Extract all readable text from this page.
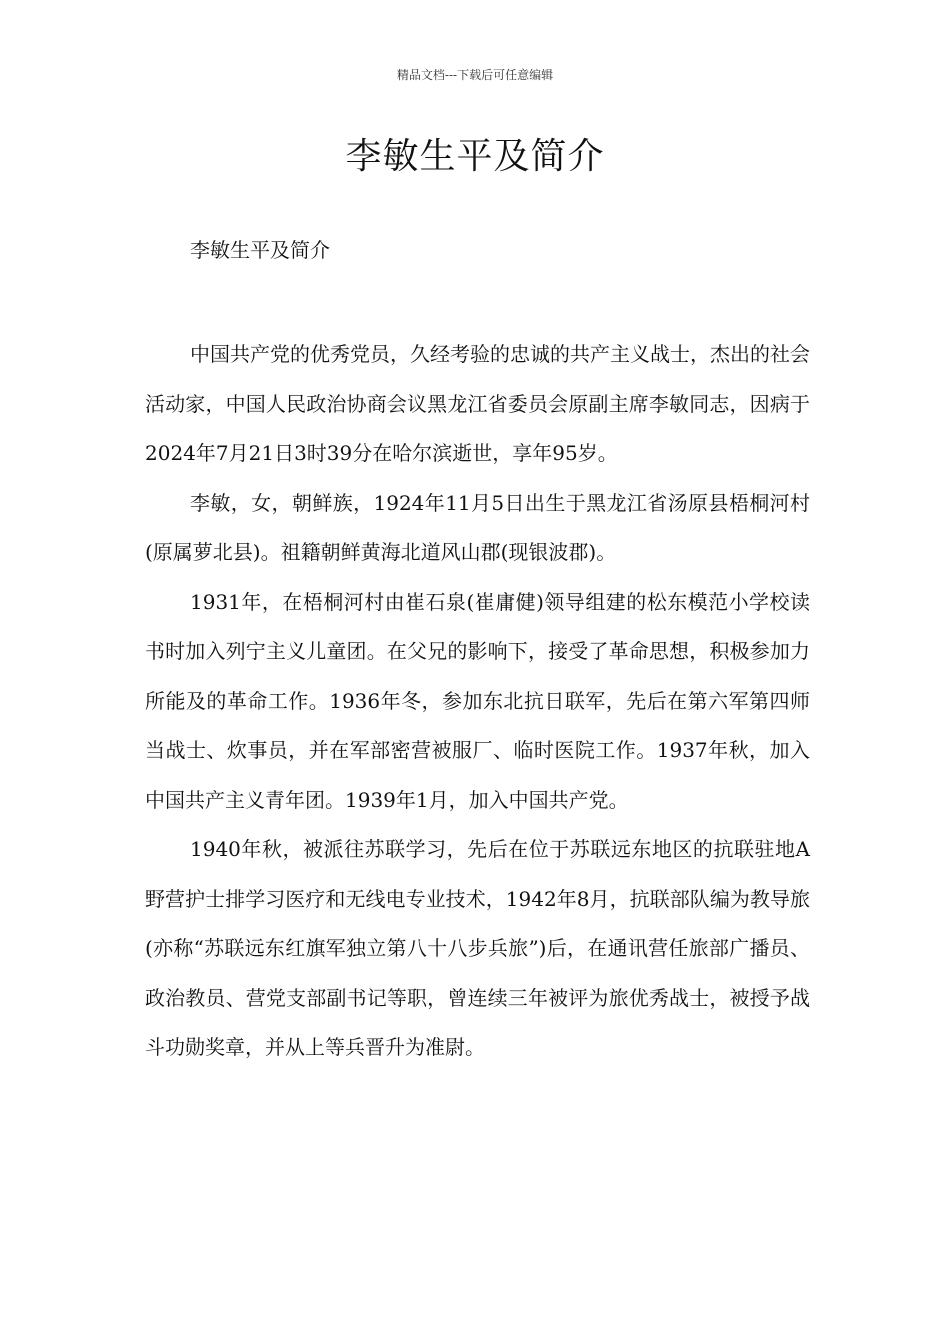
精品文档---下载后可任意编辑
李敏生平及简介

李敏生平及简介

中国共产党的优秀党员，久经考验的忠诚的共产主义战士，杰出的社会活动家，中国人民政治协商会议黑龙江省委员会原副主席李敏同志，因病于2024年7月21日3时39分在哈尔滨逝世，享年95岁。

李敏，女，朝鲜族，1924年11月5日出生于黑龙江省汤原县梧桐河村(原属萝北县)。祖籍朝鲜黄海北道风山郡(现银波郡)。

1931年，在梧桐河村由崔石泉(崔庸健)领导组建的松东模范小学校读书时加入列宁主义儿童团。在父兄的影响下，接受了革命思想，积极参加力所能及的革命工作。1936年冬，参加东北抗日联军，先后在第六军第四师当战士、炊事员，并在军部密营被服厂、临时医院工作。1937年秋，加入中国共产主义青年团。1939年1月，加入中国共产党。

1940年秋，被派往苏联学习，先后在位于苏联远东地区的抗联驻地A野营护士排学习医疗和无线电专业技术，1942年8月，抗联部队编为教导旅(亦称“苏联远东红旗军独立第八十八步兵旅”)后，在通讯营任旅部广播员、政治教员、营党支部副书记等职，曾连续三年被评为旅优秀战士，被授予战斗功勋奖章，并从上等兵晋升为准尉。
